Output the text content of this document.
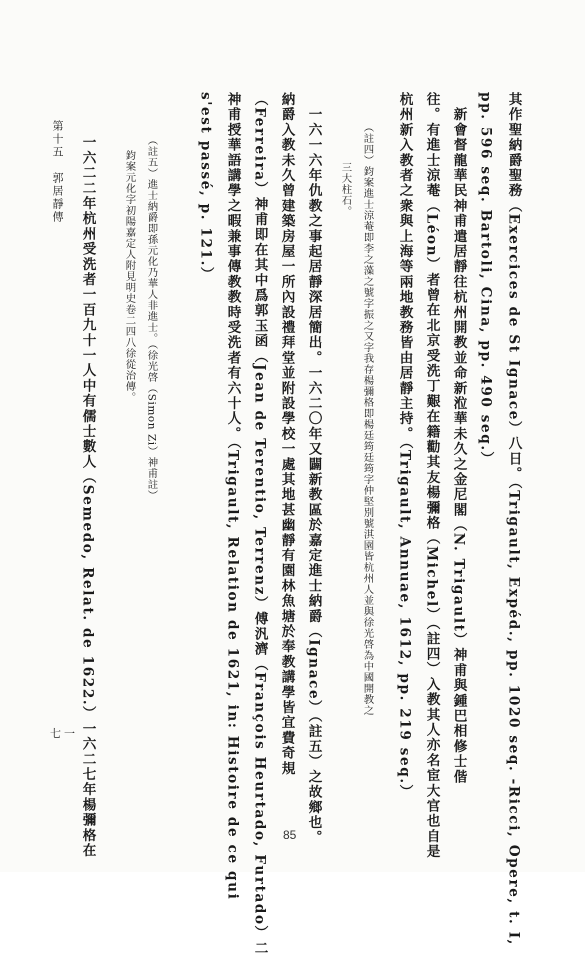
其作聖納爵聖務（Exercices de St Ignace）八日。（Trigault, Expéd., pp. 1020 seq. -Ricci, Opere, t. I,
pp. 596 seq. Bartoli, Cina, pp. 490 seq.）
　新會督龍華民神甫遣居靜往杭州開教並命新涖華未久之金尼閣（N. Trigault）神甫與鍾巴相修士偕
往。有進士涼菴（Léon）者曾在北京受洗丁艱在籍勸其友楊彌格（Michel）（註四）入教其人亦名宦大官也自是
杭州新入教者之衆與上海等兩地教務皆由居靜主持。（Trigault, Annuae, 1612, pp. 219 seq.）
（註四）鈞案進士涼菴即李之藻之號字振之又字我存楊彌格即楊廷筠廷筠字仲堅別號淇園皆杭州人並與徐光啓為中國開教之
三大柱石。
　一六一六年仇教之事起居靜深居簡出。一六二〇年又闢新教區於嘉定進士納爵（Ignace）（註五）之故鄉也。
納爵入教未久曾建築房屋一所內設禮拜堂並附設學校一處其地甚幽靜有園林魚塘於奉教講學皆宜費奇規
（Ferreira）神甫即在其中爲郭玉函（Jean de Terentio, Terrenz）傅汎濟（François Heurtado, Furtado）二
神甫授華語講學之暇兼事傳教教時受洗者有六十人。（Trigault, Relation de 1621, in: Histoire de ce qui
s'est passé, p. 121.）
（註五）進士納爵即孫元化乃華人非進士。（徐光啓（Simon Zi）神甫註）
鈞案元化字初陽嘉定人附見明史卷二四八徐從治傳。
　一六二二年杭州受洗者一百九十一人中有儒士數人（Semedo, Relat. de 1622.）一六二七年楊彌格在
第十五　郭居靜傳
七一
85
